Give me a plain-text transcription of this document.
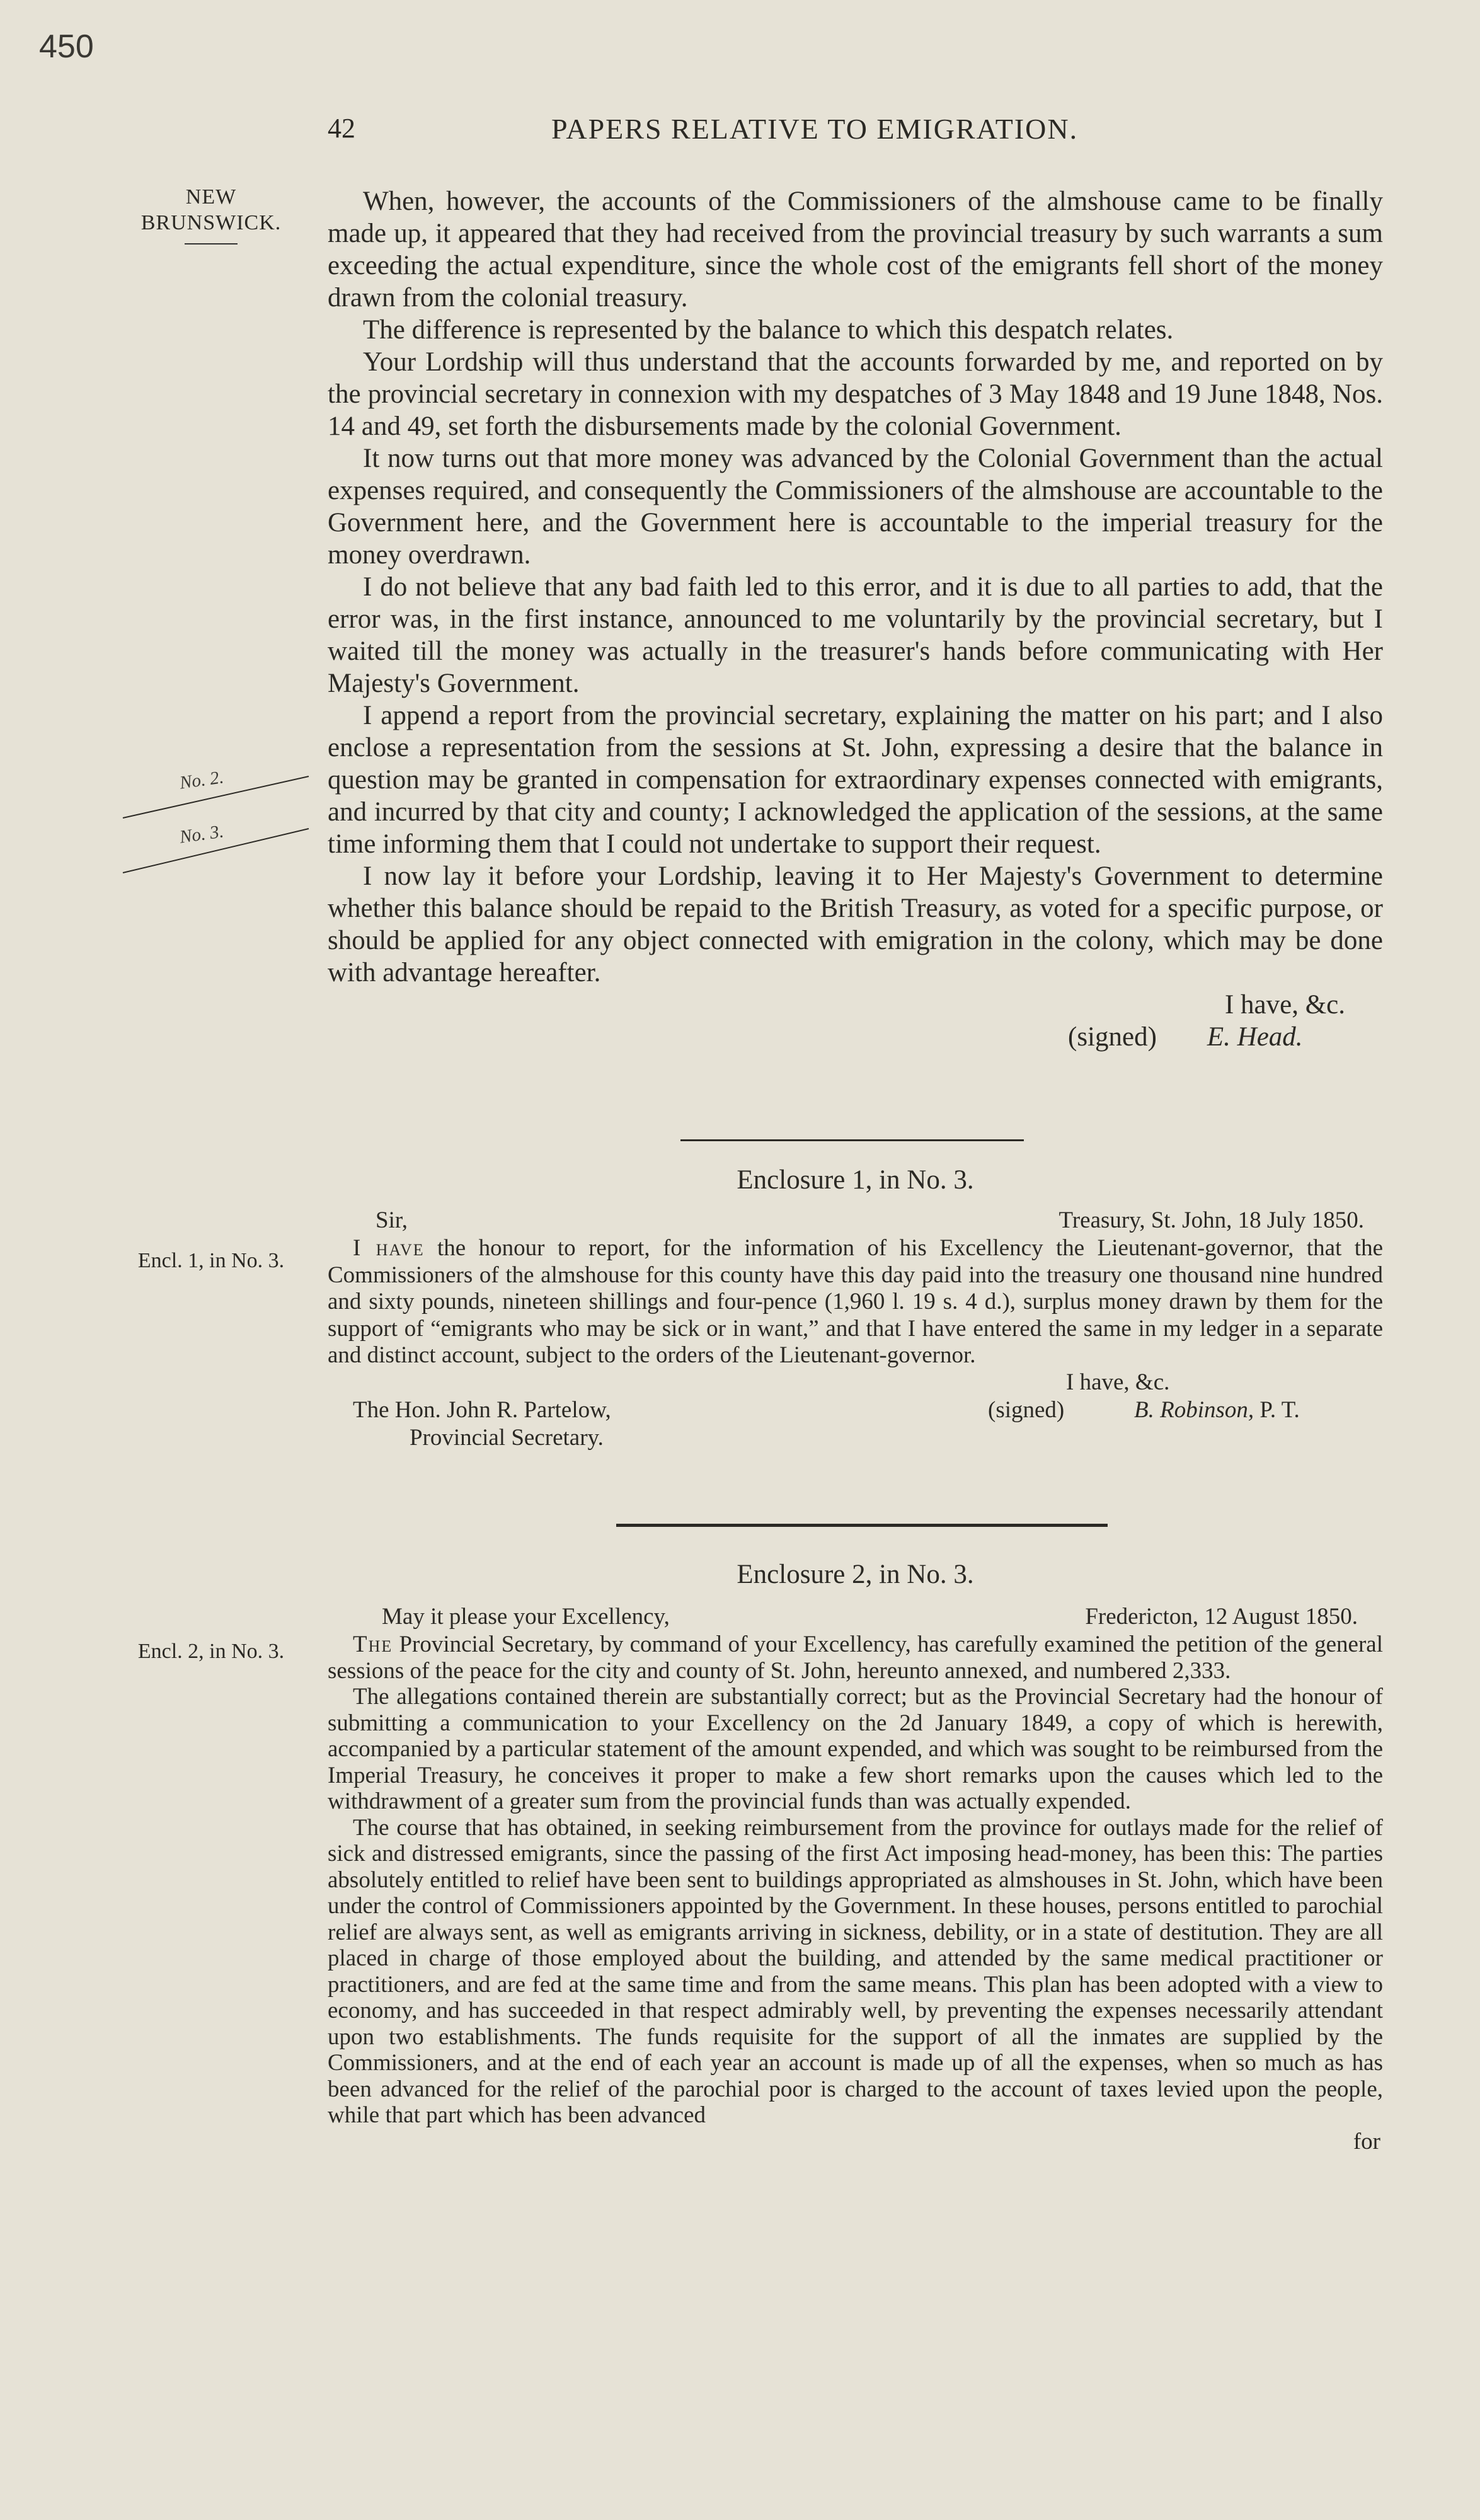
450
42	PAPERS RELATIVE TO EMIGRATION.
NEW
BRUNSWICK.
No. 2.
No. 3.

When, however, the accounts of the Commissioners of the almshouse came to be finally made up, it appeared that they had received from the provincial treasury by such warrants a sum exceeding the actual expenditure, since the whole cost of the emigrants fell short of the money drawn from the colonial treasury.

The difference is represented by the balance to which this despatch relates.

Your Lordship will thus understand that the accounts forwarded by me, and reported on by the provincial secretary in connexion with my despatches of 3 May 1848 and 19 June 1848, Nos. 14 and 49, set forth the disbursements made by the colonial Government.

It now turns out that more money was advanced by the Colonial Government than the actual expenses required, and consequently the Commissioners of the almshouse are accountable to the Government here, and the Government here is accountable to the imperial treasury for the money overdrawn.

I do not believe that any bad faith led to this error, and it is due to all parties to add, that the error was, in the first instance, announced to me voluntarily by the provincial secretary, but I waited till the money was actually in the treasurer's hands before communicating with Her Majesty's Government.

I append a report from the provincial secretary, explaining the matter on his part; and I also enclose a representation from the sessions at St. John, expressing a desire that the balance in question may be granted in compensation for extraordinary expenses connected with emigrants, and incurred by that city and county; I acknowledged the application of the sessions, at the same time informing them that I could not undertake to support their request.

I now lay it before your Lordship, leaving it to Her Majesty's Government to determine whether this balance should be repaid to the British Treasury, as voted for a specific purpose, or should be applied for any object connected with emigration in the colony, which may be done with advantage hereafter.

I have, &c.
(signed) E. Head.
Enclosure 1, in No. 3.
Encl. 1, in No. 3.
Sir,	Treasury, St. John, 18 July 1850.

I have the honour to report, for the information of his Excellency the Lieutenant-governor, that the Commissioners of the almshouse for this county have this day paid into the treasury one thousand nine hundred and sixty pounds, nineteen shillings and four-pence (1,960 l. 19 s. 4 d.), surplus money drawn by them for the support of “emigrants who may be sick or in want,” and that I have entered the same in my ledger in a separate and distinct account, subject to the orders of the Lieutenant-governor.

I have, &c.
The Hon. John R. Partelow,	(signed)	B. Robinson, P. T.
Provincial Secretary.
Enclosure 2, in No. 3.
Encl. 2, in No. 3.
May it please your Excellency,	Fredericton, 12 August 1850.

The Provincial Secretary, by command of your Excellency, has carefully examined the petition of the general sessions of the peace for the city and county of St. John, hereunto annexed, and numbered 2,333.

The allegations contained therein are substantially correct; but as the Provincial Secretary had the honour of submitting a communication to your Excellency on the 2d January 1849, a copy of which is herewith, accompanied by a particular statement of the amount expended, and which was sought to be reimbursed from the Imperial Treasury, he conceives it proper to make a few short remarks upon the causes which led to the withdrawment of a greater sum from the provincial funds than was actually expended.

The course that has obtained, in seeking reimbursement from the province for outlays made for the relief of sick and distressed emigrants, since the passing of the first Act imposing head-money, has been this: The parties absolutely entitled to relief have been sent to buildings appropriated as almshouses in St. John, which have been under the control of Commissioners appointed by the Government. In these houses, persons entitled to parochial relief are always sent, as well as emigrants arriving in sickness, debility, or in a state of destitution. They are all placed in charge of those employed about the building, and attended by the same medical practitioner or practitioners, and are fed at the same time and from the same means. This plan has been adopted with a view to economy, and has succeeded in that respect admirably well, by preventing the expenses necessarily attendant upon two establishments. The funds requisite for the support of all the inmates are supplied by the Commissioners, and at the end of each year an account is made up of all the expenses, when so much as has been advanced for the relief of the parochial poor is charged to the account of taxes levied upon the people, while that part which has been advanced

for
